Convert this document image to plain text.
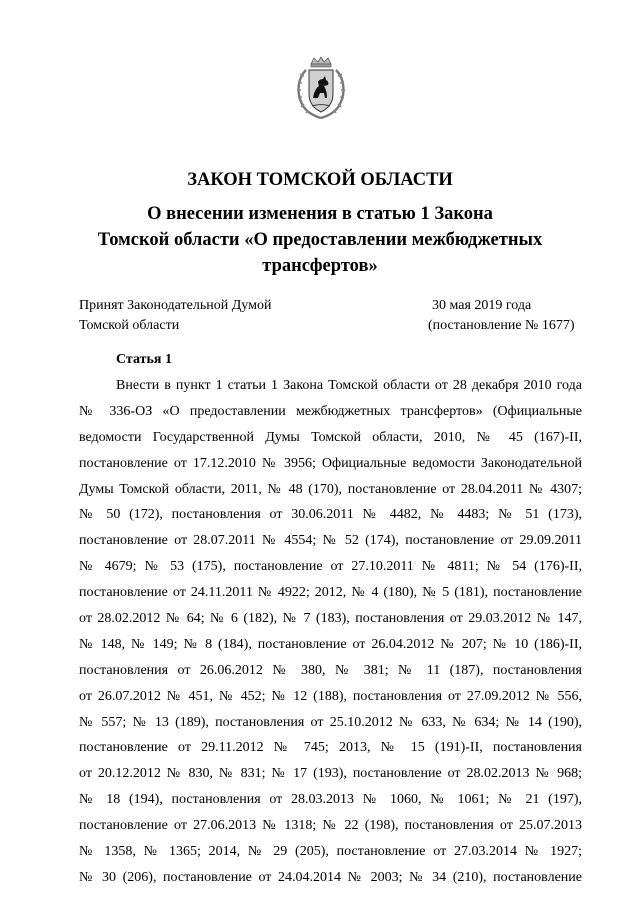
ЗАКОН ТОМСКОЙ ОБЛАСТИ
О внесении изменения в статью 1 Закона
Томской области «О предоставлении межбюджетных
трансфертов»
Принят Законодательной Думой
Томской области
30 мая 2019 года
(постановление № 1677)
Статья 1
Внести в пункт 1 статьи 1 Закона Томской области от 28 декабря 2010 года
№ 336-ОЗ «О предоставлении межбюджетных трансфертов» (Официальные
ведомости Государственной Думы Томской области, 2010, № 45 (167)-II,
постановление от 17.12.2010 № 3956; Официальные ведомости Законодательной
Думы Томской области, 2011, № 48 (170), постановление от 28.04.2011 № 4307;
№ 50 (172), постановления от 30.06.2011 № 4482, № 4483; № 51 (173),
постановление от 28.07.2011 № 4554; № 52 (174), постановление от 29.09.2011
№ 4679; № 53 (175), постановление от 27.10.2011 № 4811; № 54 (176)-II,
постановление от 24.11.2011 № 4922; 2012, № 4 (180), № 5 (181), постановление
от 28.02.2012 № 64; № 6 (182), № 7 (183), постановления от 29.03.2012 № 147,
№ 148, № 149; № 8 (184), постановление от 26.04.2012 № 207; № 10 (186)-II,
постановления от 26.06.2012 № 380, № 381; № 11 (187), постановления
от 26.07.2012 № 451, № 452; № 12 (188), постановления от 27.09.2012 № 556,
№ 557; № 13 (189), постановления от 25.10.2012 № 633, № 634; № 14 (190),
постановление от 29.11.2012 № 745; 2013, № 15 (191)-II, постановления
от 20.12.2012 № 830, № 831; № 17 (193), постановление от 28.02.2013 № 968;
№ 18 (194), постановления от 28.03.2013 № 1060, № 1061; № 21 (197),
постановление от 27.06.2013 № 1318; № 22 (198), постановления от 25.07.2013
№ 1358, № 1365; 2014, № 29 (205), постановление от 27.03.2014 № 1927;
№ 30 (206), постановление от 24.04.2014 № 2003; № 34 (210), постановление
